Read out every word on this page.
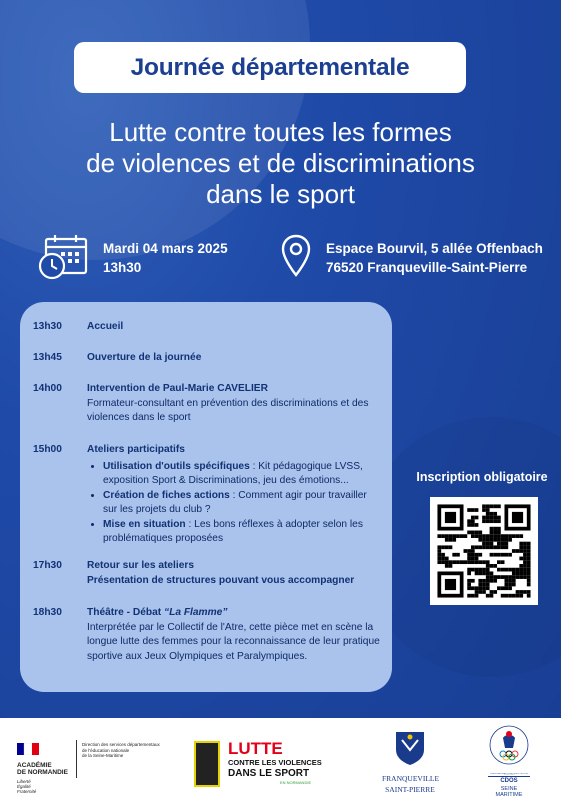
Journée départementale
Lutte contre toutes les formes
de violences et de discriminations
dans le sport
Mardi 04 mars 2025
13h30
Espace Bourvil, 5 allée Offenbach
76520 Franqueville-Saint-Pierre
13h30 Accueil
13h45 Ouverture de la journée
14h00 Intervention de Paul-Marie CAVELIER
Formateur-consultant en prévention des discriminations et des violences dans le sport
15h00 Ateliers participatifs
• Utilisation d'outils spécifiques : Kit pédagogique LVSS, exposition Sport & Discriminations, jeu des émotions...
• Création de fiches actions : Comment agir pour travailler sur les projets du club ?
• Mise en situation : Les bons réflexes à adopter selon les problématiques proposées
17h30 Retour sur les ateliers
Présentation de structures pouvant vous accompagner
18h30 Théâtre - Débat “La Flamme”
Interprétée par le Collectif de l'Atre, cette pièce met en scène la longue lutte des femmes pour la reconnaissance de leur pratique sportive aux Jeux Olympiques et Paralympiques.
Inscription obligatoire
ACADÉMIE
DE NORMANDIE
Liberté
Égalité
Fraternité
Direction des services départementaux
de l'éducation nationale
de la Seine-Maritime	LUTTE
CONTRE LES VIOLENCES
DANS LE SPORT
EN NORMANDIE	FRANQUEVILLE
SAINT-PIERRE
COMITÉ NATIONAL OLYMPIQUE ET SPORTIF
CDOS
SEINE
MARITIME
